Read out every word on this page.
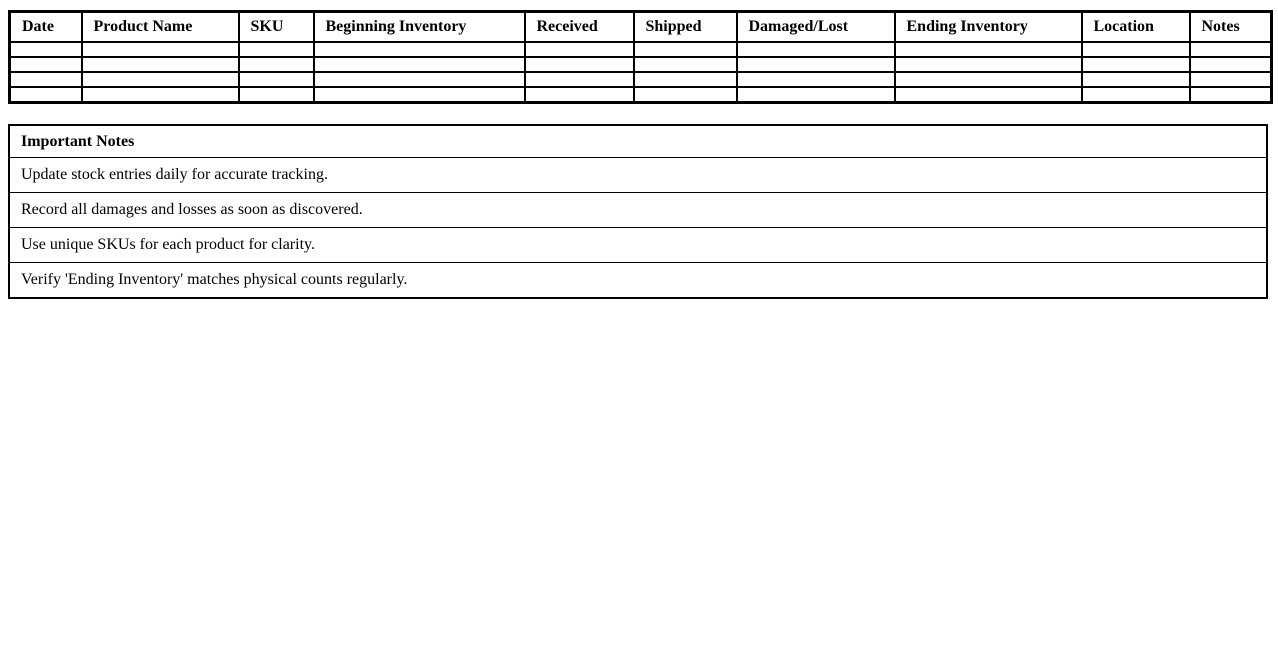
Date	Product Name	SKU	Beginning Inventory	Received	Shipped	Damaged/Lost	Ending Inventory	Location	Notes

Important Notes
Update stock entries daily for accurate tracking.
Record all damages and losses as soon as discovered.
Use unique SKUs for each product for clarity.
Verify 'Ending Inventory' matches physical counts regularly.
